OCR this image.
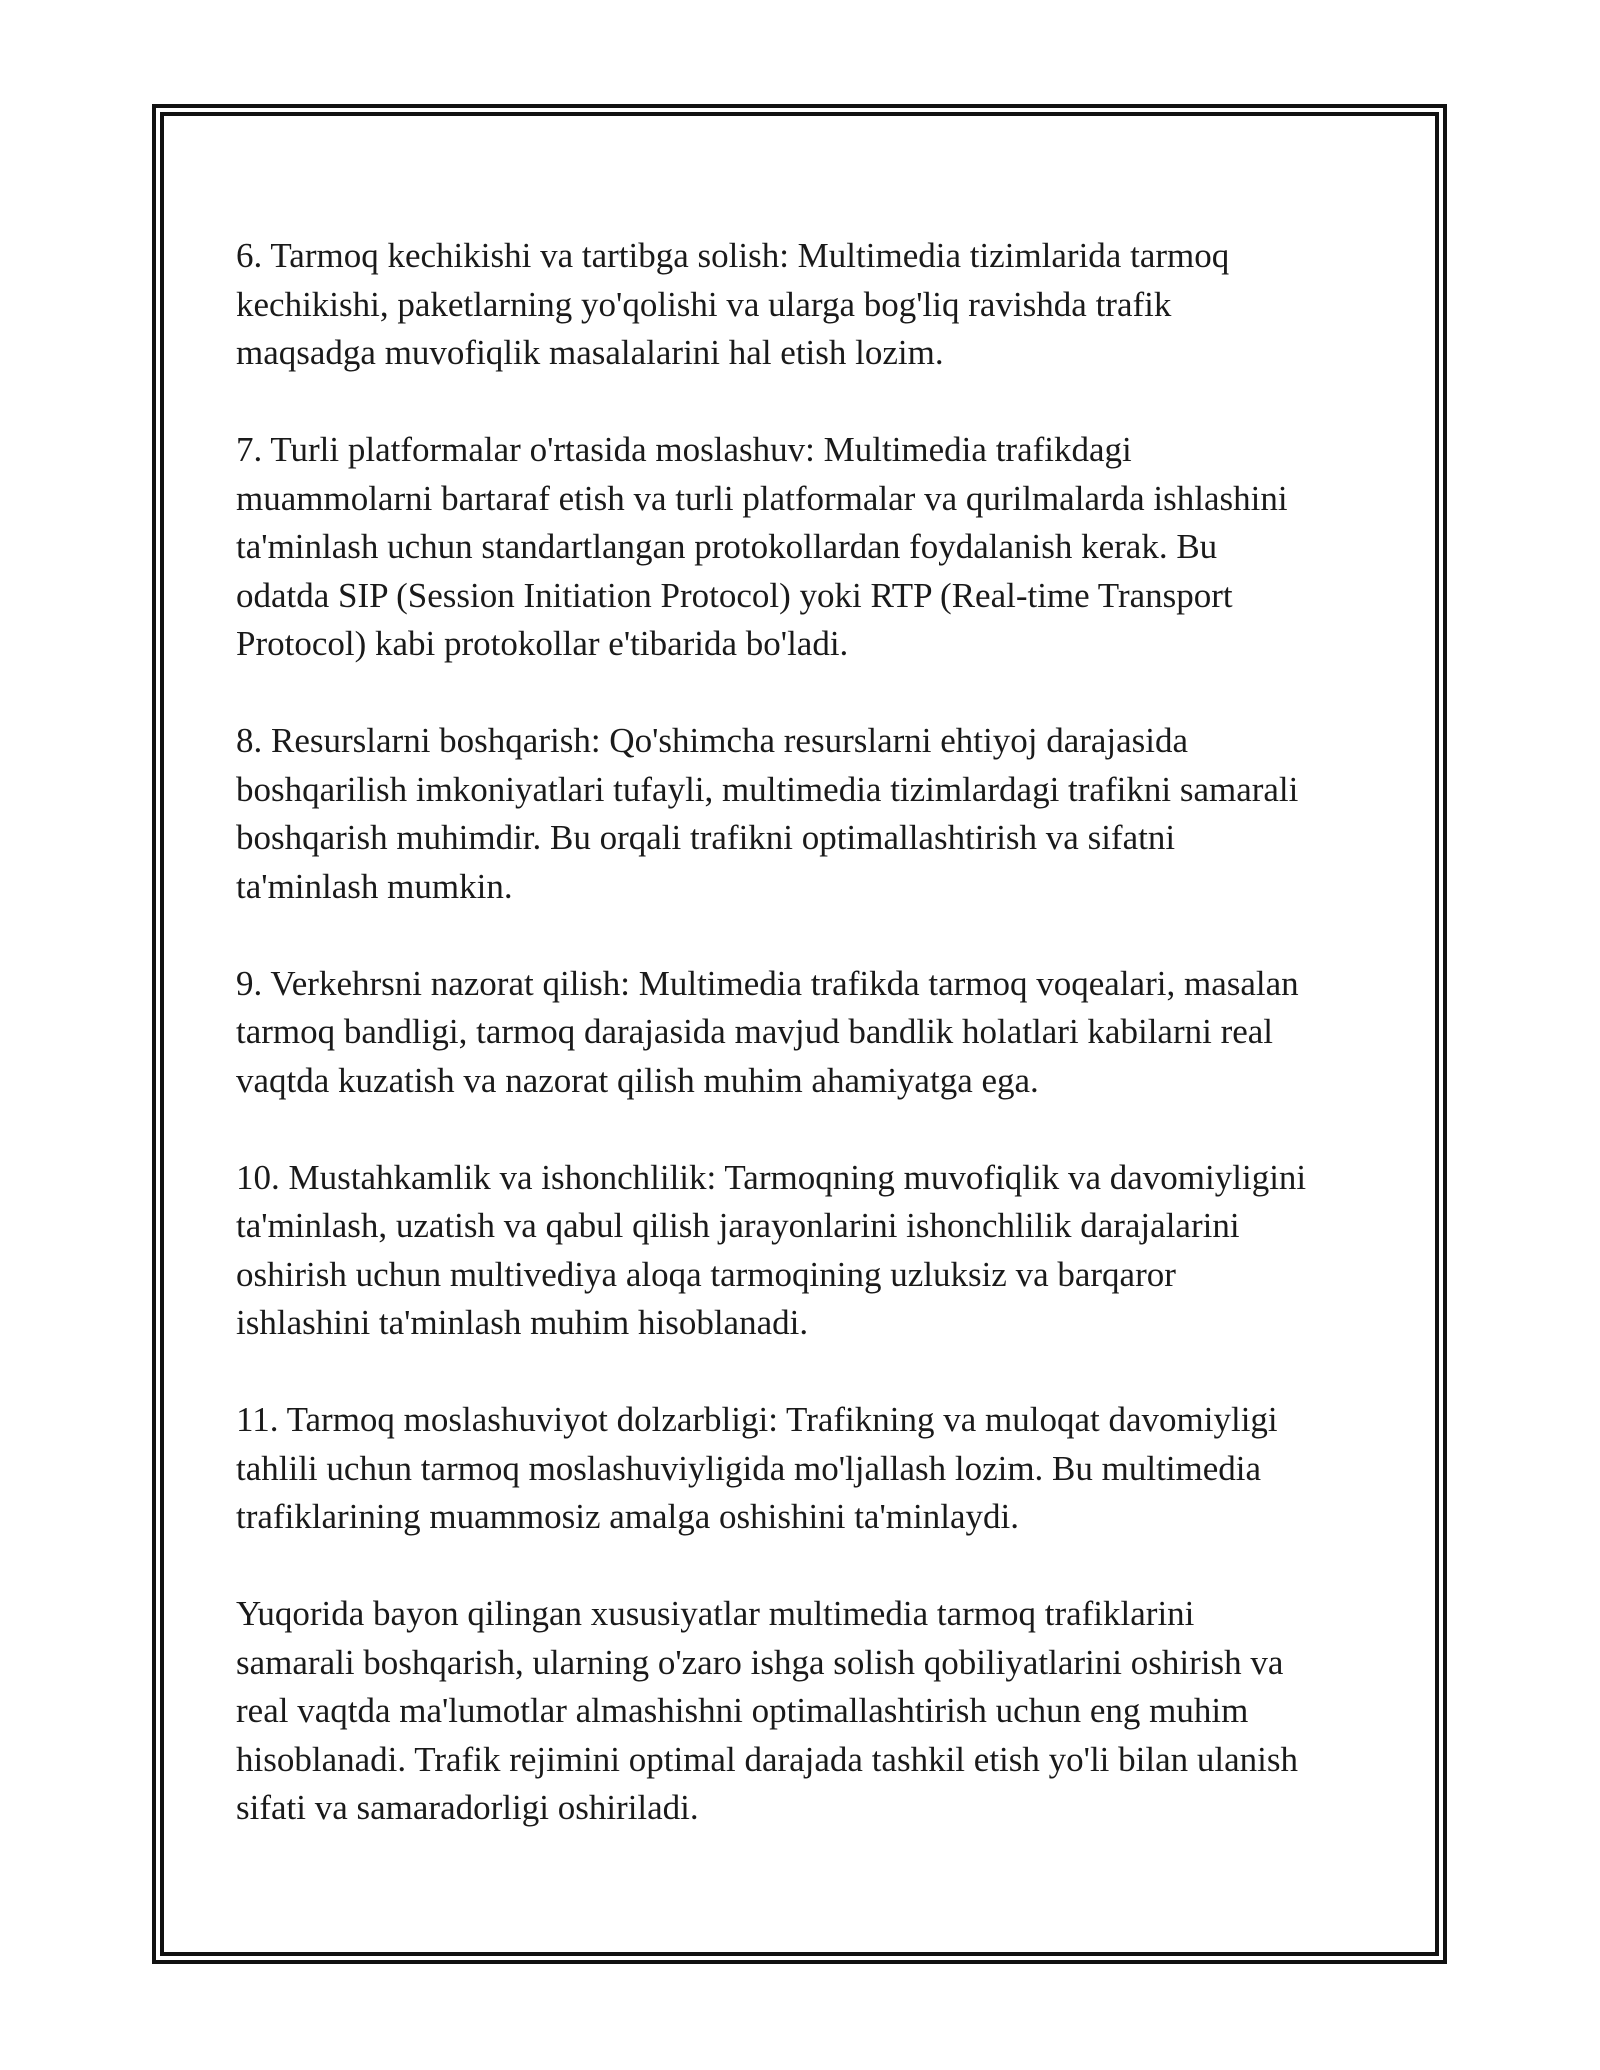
6. Tarmoq kechikishi va tartibga solish: Multimedia tizimlarida tarmoq
kechikishi, paketlarning yo'qolishi va ularga bog'liq ravishda trafik
maqsadga muvofiqlik masalalarini hal etish lozim.

7. Turli platformalar o'rtasida moslashuv: Multimedia trafikdagi
muammolarni bartaraf etish va turli platformalar va qurilmalarda ishlashini
ta'minlash uchun standartlangan protokollardan foydalanish kerak. Bu
odatda SIP (Session Initiation Protocol) yoki RTP (Real-time Transport
Protocol) kabi protokollar e'tibarida bo'ladi.

8. Resurslarni boshqarish: Qo'shimcha resurslarni ehtiyoj darajasida
boshqarilish imkoniyatlari tufayli, multimedia tizimlardagi trafikni samarali
boshqarish muhimdir. Bu orqali trafikni optimallashtirish va sifatni
ta'minlash mumkin.

9. Verkehrsni nazorat qilish: Multimedia trafikda tarmoq voqealari, masalan
tarmoq bandligi, tarmoq darajasida mavjud bandlik holatlari kabilarni real
vaqtda kuzatish va nazorat qilish muhim ahamiyatga ega.

10. Mustahkamlik va ishonchlilik: Tarmoqning muvofiqlik va davomiyligini
ta'minlash, uzatish va qabul qilish jarayonlarini ishonchlilik darajalarini
oshirish uchun multivediya aloqa tarmoqining uzluksiz va barqaror
ishlashini ta'minlash muhim hisoblanadi.

11. Tarmoq moslashuviyot dolzarbligi: Trafikning va muloqat davomiyligi
tahlili uchun tarmoq moslashuviyligida mo'ljallash lozim. Bu multimedia
trafiklarining muammosiz amalga oshishini ta'minlaydi.

Yuqorida bayon qilingan xususiyatlar multimedia tarmoq trafiklarini
samarali boshqarish, ularning o'zaro ishga solish qobiliyatlarini oshirish va
real vaqtda ma'lumotlar almashishni optimallashtirish uchun eng muhim
hisoblanadi. Trafik rejimini optimal darajada tashkil etish yo'li bilan ulanish
sifati va samaradorligi oshiriladi.
